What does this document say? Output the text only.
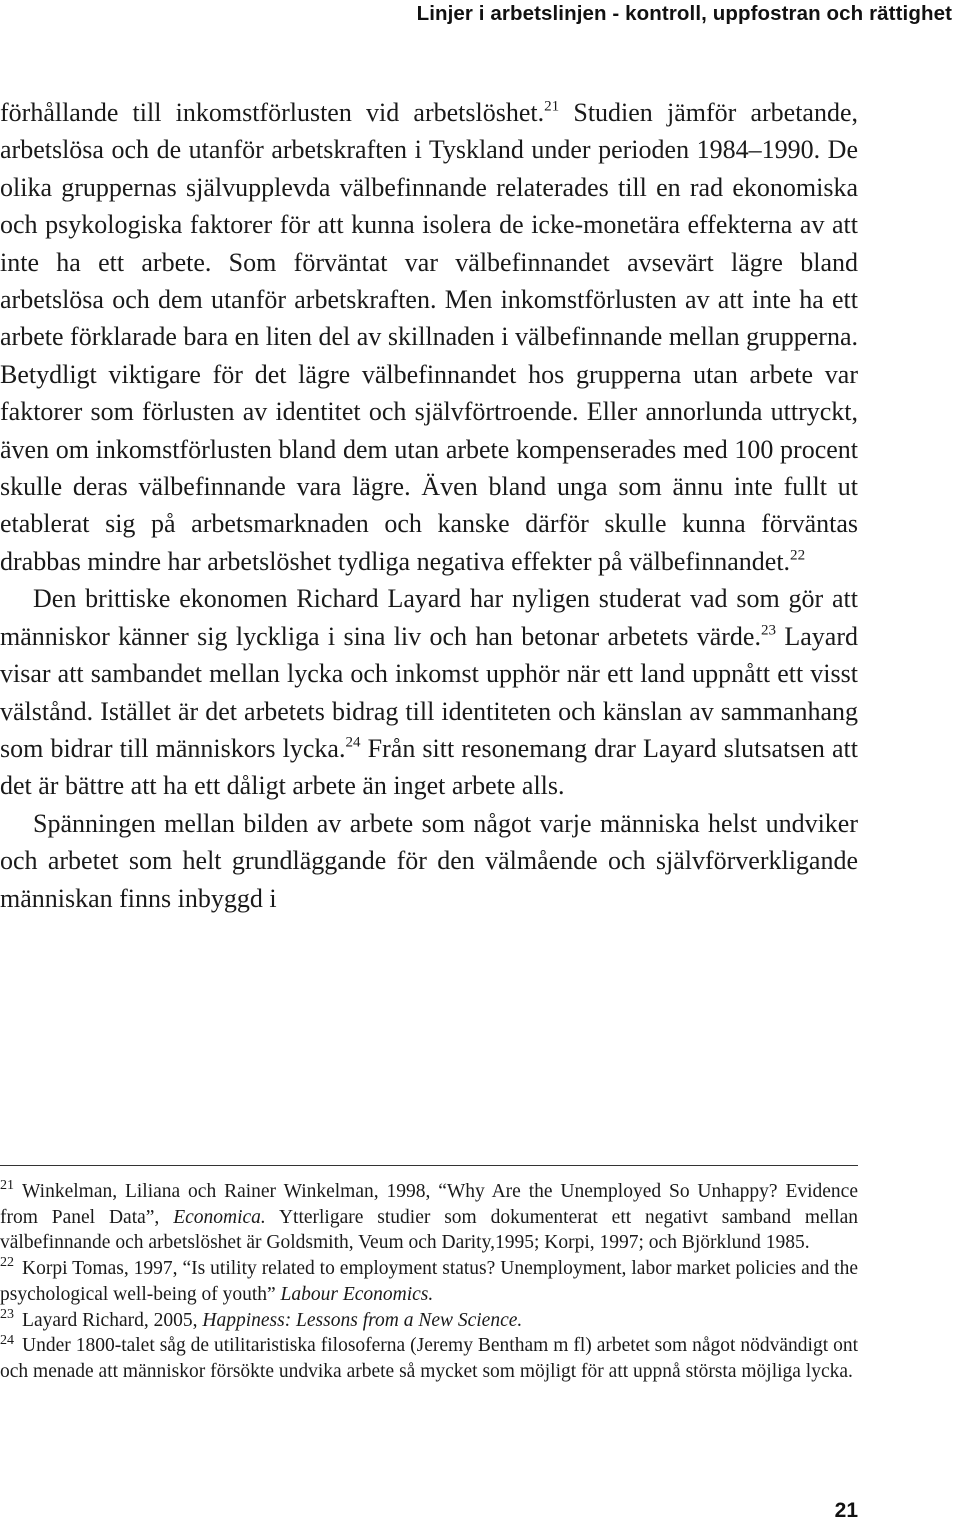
Linjer i arbetslinjen - kontroll, uppfostran och rättighet

förhållande till inkomstförlusten vid arbetslöshet.$^{21}$ Studien jämför arbetande, arbetslösa och de utanför arbetskraften i Tyskland under perioden 1984–1990. De olika gruppernas självupplevda välbefinnande relaterades till en rad ekonomiska och psykologiska faktorer för att kunna isolera de icke-monetära effekterna av att inte ha ett arbete. Som förväntat var välbefinnandet avsevärt lägre bland arbetslösa och dem utanför arbetskraften. Men inkomstförlusten av att inte ha ett arbete förklarade bara en liten del av skillnaden i välbefinnande mellan grupperna. Betydligt viktigare för det lägre välbefinnandet hos grupperna utan arbete var faktorer som förlusten av identitet och självförtroende. Eller annorlunda uttryckt, även om inkomstförlusten bland dem utan arbete kompenserades med 100 procent skulle deras välbefinnande vara lägre. Även bland unga som ännu inte fullt ut etablerat sig på arbetsmarknaden och kanske därför skulle kunna förväntas drabbas mindre har arbetslöshet tydliga negativa effekter på välbefinnandet.$^{22}$

Den brittiske ekonomen Richard Layard har nyligen studerat vad som gör att människor känner sig lyckliga i sina liv och han betonar arbetets värde.$^{23}$ Layard visar att sambandet mellan lycka och inkomst upphör när ett land uppnått ett visst välstånd. Istället är det arbetets bidrag till identiteten och känslan av sammanhang som bidrar till människors lycka.$^{24}$ Från sitt resonemang drar Layard slutsatsen att det är bättre att ha ett dåligt arbete än inget arbete alls.

Spänningen mellan bilden av arbete som något varje människa helst undviker och arbetet som helt grundläggande för den välmående och självförverkligande människan finns inbyggd i

$^{21}$ Winkelman, Liliana och Rainer Winkelman, 1998, “Why Are the Unemployed So Unhappy? Evidence from Panel Data”, Economica. Ytterligare studier som dokumenterat ett negativt samband mellan välbefinnande och arbetslöshet är Goldsmith, Veum och Darity,1995; Korpi, 1997; och Björklund 1985.

$^{22}$ Korpi Tomas, 1997, “Is utility related to employment status? Unemployment, labor market policies and the psychological well-being of youth” Labour Economics.

$^{23}$ Layard Richard, 2005, Happiness: Lessons from a New Science.

$^{24}$ Under 1800-talet såg de utilitaristiska filosoferna (Jeremy Bentham m fl) arbetet som något nödvändigt ont och menade att människor försökte undvika arbete så mycket som möjligt för att uppnå största möjliga lycka.

21
